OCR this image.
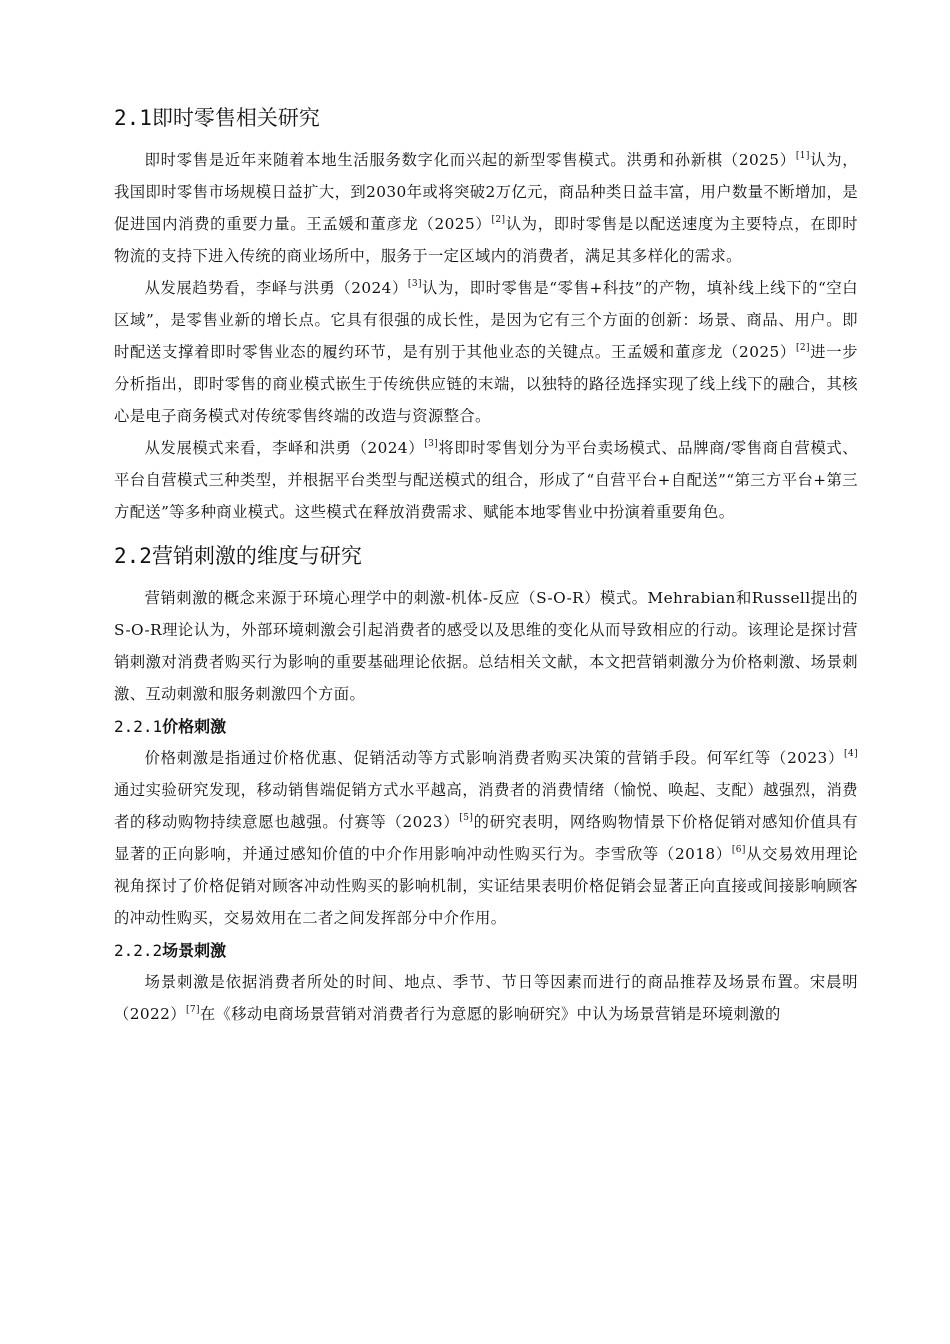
2.1即时零售相关研究

即时零售是近年来随着本地生活服务数字化而兴起的新型零售模式。洪勇和孙新棋（2025）[1]认为，我国即时零售市场规模日益扩大，到2030年或将突破2万亿元，商品种类日益丰富，用户数量不断增加，是促进国内消费的重要力量。王孟媛和董彦龙（2025）[2]认为，即时零售是以配送速度为主要特点，在即时物流的支持下进入传统的商业场所中，服务于一定区域内的消费者，满足其多样化的需求。

从发展趋势看，李峄与洪勇（2024）[3]认为，即时零售是“零售+科技”的产物，填补线上线下的“空白区域”，是零售业新的增长点。它具有很强的成长性，是因为它有三个方面的创新：场景、商品、用户。即时配送支撑着即时零售业态的履约环节，是有别于其他业态的关键点。王孟媛和董彦龙（2025）[2]进一步分析指出，即时零售的商业模式嵌生于传统供应链的末端，以独特的路径选择实现了线上线下的融合，其核心是电子商务模式对传统零售终端的改造与资源整合。

从发展模式来看，李峄和洪勇（2024）[3]将即时零售划分为平台卖场模式、品牌商/零售商自营模式、平台自营模式三种类型，并根据平台类型与配送模式的组合，形成了“自营平台+自配送”“第三方平台+第三方配送”等多种商业模式。这些模式在释放消费需求、赋能本地零售业中扮演着重要角色。

2.2营销刺激的维度与研究

营销刺激的概念来源于环境心理学中的刺激-机体-反应（S-O-R）模式。Mehrabian和Russell提出的S-O-R理论认为，外部环境刺激会引起消费者的感受以及思维的变化从而导致相应的行动。该理论是探讨营销刺激对消费者购买行为影响的重要基础理论依据。总结相关文献，本文把营销刺激分为价格刺激、场景刺激、互动刺激和服务刺激四个方面。

2.2.1价格刺激

价格刺激是指通过价格优惠、促销活动等方式影响消费者购买决策的营销手段。何军红等（2023）[4]通过实验研究发现，移动销售端促销方式水平越高，消费者的消费情绪（愉悦、唤起、支配）越强烈，消费者的移动购物持续意愿也越强。付赛等（2023）[5]的研究表明，网络购物情景下价格促销对感知价值具有显著的正向影响，并通过感知价值的中介作用影响冲动性购买行为。李雪欣等（2018）[6]从交易效用理论视角探讨了价格促销对顾客冲动性购买的影响机制，实证结果表明价格促销会显著正向直接或间接影响顾客的冲动性购买，交易效用在二者之间发挥部分中介作用。

2.2.2场景刺激

场景刺激是依据消费者所处的时间、地点、季节、节日等因素而进行的商品推荐及场景布置。宋晨明（2022）[7]在《移动电商场景营销对消费者行为意愿的影响研究》中认为场景营销是环境刺激的
